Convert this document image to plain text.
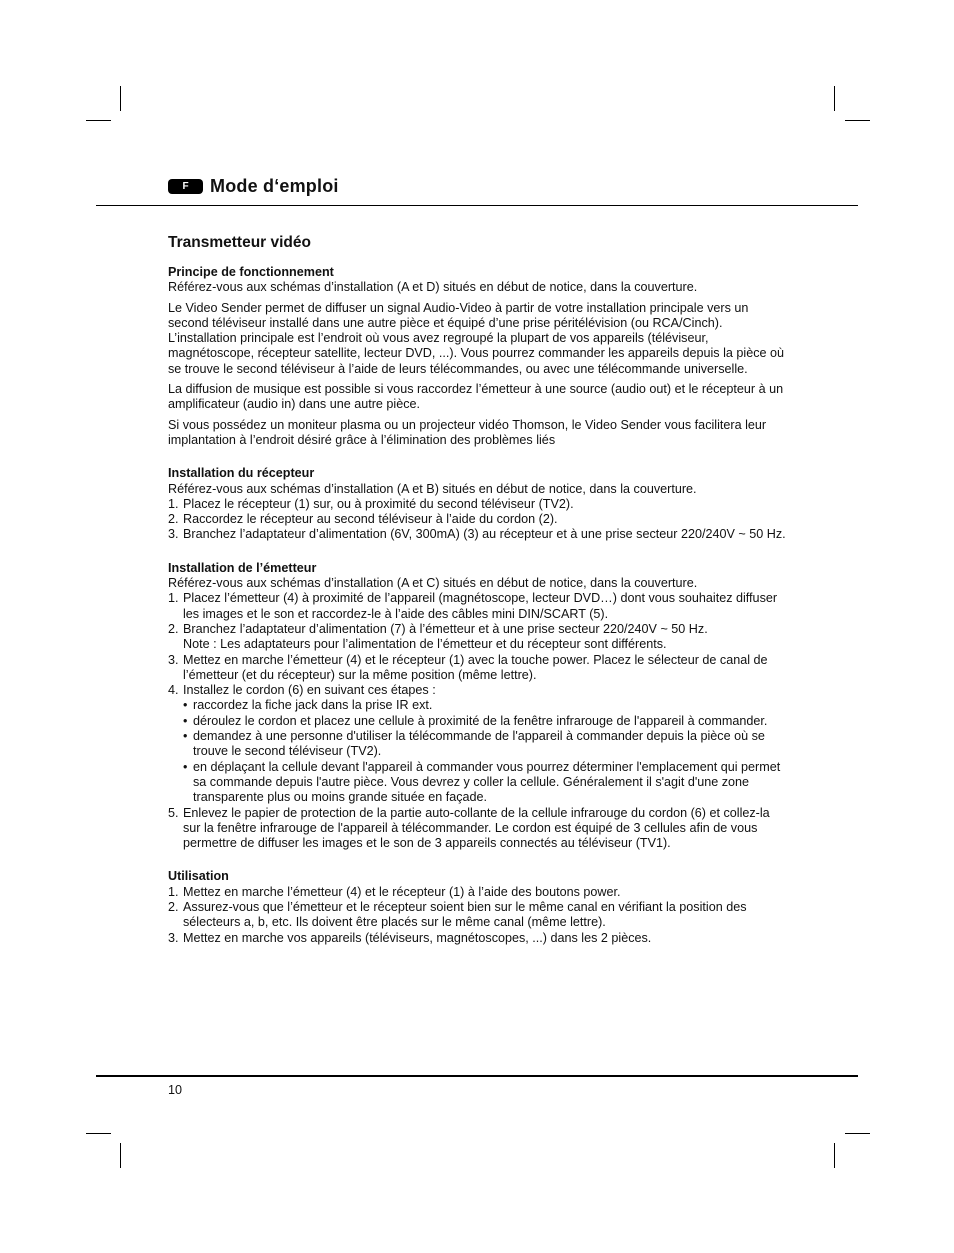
F	Mode d‘emploi
Transmetteur vidéo
Principe de fonctionnement

Référez-vous aux schémas d’installation (A et D) situés en début de notice, dans la couverture.

Le Video Sender permet de diffuser un signal Audio-Video à partir de votre installation principale vers un second téléviseur installé dans une autre pièce et équipé d’une prise péritélévision (ou RCA/Cinch). L’installation principale est l’endroit où vous avez regroupé la plupart de vos appareils (téléviseur, magnétoscope, récepteur satellite, lecteur DVD, ...). Vous pourrez commander les appareils depuis la pièce où se trouve le second téléviseur à l’aide de leurs télécommandes, ou avec une télécommande universelle.

La diffusion de musique est possible si vous raccordez l’émetteur à une source (audio out) et le récepteur à un amplificateur (audio in) dans une autre pièce.

Si vous possédez un moniteur plasma ou un projecteur vidéo Thomson, le Video Sender vous facilitera leur implantation à l’endroit désiré grâce à l’élimination des problèmes liés

Installation du récepteur
Référez-vous aux schémas d’installation (A et B) situés en début de notice, dans la couverture.
1. Placez le récepteur (1) sur, ou à proximité du second téléviseur (TV2).
2. Raccordez le récepteur au second téléviseur à l’aide du cordon (2).
3. Branchez l’adaptateur d’alimentation (6V, 300mA) (3) au récepteur et à une prise secteur 220/240V ~ 50 Hz.
Installation de l’émetteur
Référez-vous aux schémas d’installation (A et C) situés en début de notice, dans la couverture.
1. Placez l’émetteur (4) à proximité de l’appareil (magnétoscope, lecteur DVD…) dont vous souhaitez diffuser les images et le son et raccordez-le à l’aide des câbles mini DIN/SCART (5).
2. Branchez l’adaptateur d’alimentation (7) à l’émetteur et à une prise secteur 220/240V ~ 50 Hz.
Note : Les adaptateurs pour l’alimentation de l’émetteur et du récepteur sont différents.
3. Mettez en marche l’émetteur (4) et le récepteur (1) avec la touche power. Placez le sélecteur de canal de l’émetteur (et du récepteur) sur la même position (même lettre).
4. Installez le cordon (6) en suivant ces étapes :
• raccordez la fiche jack dans la prise IR ext.
• déroulez le cordon et placez une cellule à proximité de la fenêtre infrarouge de l'appareil à commander.
• demandez à une personne d'utiliser la télécommande de l'appareil à commander depuis la pièce où se trouve le second téléviseur (TV2).
• en déplaçant la cellule devant l'appareil à commander vous pourrez déterminer l'emplacement qui permet sa commande depuis l'autre pièce. Vous devrez y coller la cellule. Généralement il s'agit d'une zone transparente plus ou moins grande située en façade.
5. Enlevez le papier de protection de la partie auto-collante de la cellule infrarouge du cordon (6) et collez-la sur la fenêtre infrarouge de l'appareil à télécommander. Le cordon est équipé de 3 cellules afin de vous permettre de diffuser les images et le son de 3 appareils connectés au téléviseur (TV1).
Utilisation
1. Mettez en marche l’émetteur (4) et le récepteur (1) à l’aide des boutons power.
2. Assurez-vous que l’émetteur et le récepteur soient bien sur le même canal en vérifiant la position des sélecteurs a, b, etc. Ils doivent être placés sur le même canal (même lettre).
3. Mettez en marche vos appareils (téléviseurs, magnétoscopes, ...) dans les 2 pièces.
10
